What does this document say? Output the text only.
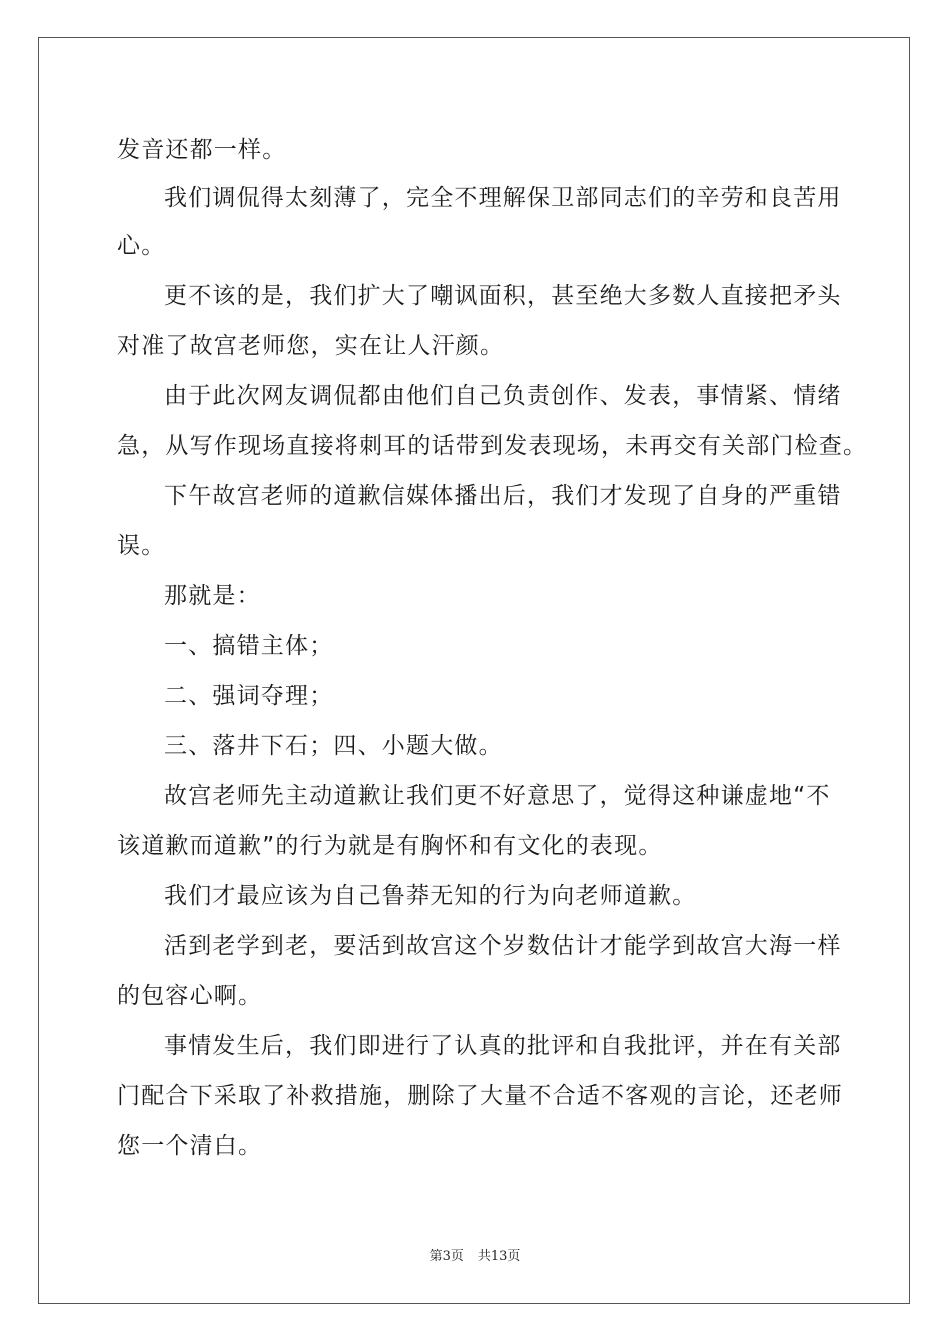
发音还都一样。
我们调侃得太刻薄了，完全不理解保卫部同志们的辛劳和良苦用
心。
更不该的是，我们扩大了嘲讽面积，甚至绝大多数人直接把矛头
对准了故宫老师您，实在让人汗颜。
由于此次网友调侃都由他们自己负责创作、发表，事情紧、情绪
急，从写作现场直接将刺耳的话带到发表现场，未再交有关部门检查。
下午故宫老师的道歉信媒体播出后，我们才发现了自身的严重错
误。
那就是：
一、搞错主体；
二、强词夺理；
三、落井下石；四、小题大做。
故宫老师先主动道歉让我们更不好意思了，觉得这种谦虚地“不
该道歉而道歉”的行为就是有胸怀和有文化的表现。
我们才最应该为自己鲁莽无知的行为向老师道歉。
活到老学到老，要活到故宫这个岁数估计才能学到故宫大海一样
的包容心啊。
事情发生后，我们即进行了认真的批评和自我批评，并在有关部
门配合下采取了补救措施，删除了大量不合适不客观的言论，还老师
您一个清白。
第3页 共13页
